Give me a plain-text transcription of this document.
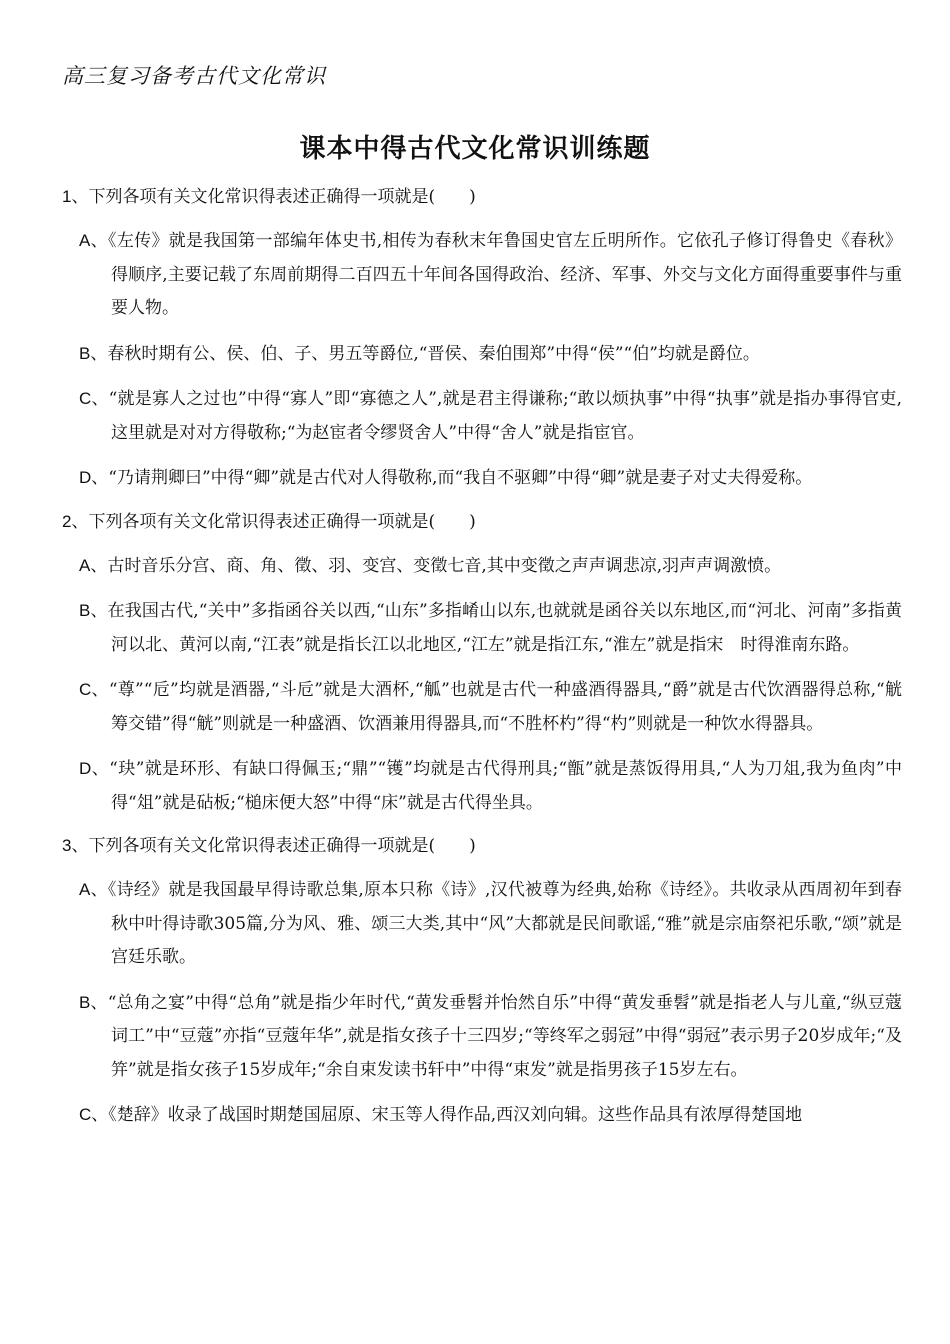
高三复习备考古代文化常识
课本中得古代文化常识训练题
1、下列各项有关文化常识得表述正确得一项就是(　　)
A、《左传》就是我国第一部编年体史书,相传为春秋末年鲁国史官左丘明所作。它依孔子修订得鲁史《春秋》得顺序,主要记载了东周前期得二百四五十年间各国得政治、经济、军事、外交与文化方面得重要事件与重要人物。
B、春秋时期有公、侯、伯、子、男五等爵位,“晋侯、秦伯围郑”中得“侯”“伯”均就是爵位。
C、“就是寡人之过也”中得“寡人”即“寡德之人”,就是君主得谦称;“敢以烦执事”中得“执事”就是指办事得官吏,这里就是对对方得敬称;“为赵宦者令缪贤舍人”中得“舍人”就是指宦官。
D、“乃请荆卿曰”中得“卿”就是古代对人得敬称,而“我自不驱卿”中得“卿”就是妻子对丈夫得爱称。
2、下列各项有关文化常识得表述正确得一项就是(　　)
A、古时音乐分宫、商、角、徵、羽、变宫、变徵七音,其中变徵之声声调悲凉,羽声声调激愤。
B、在我国古代,“关中”多指函谷关以西,“山东”多指崤山以东,也就就是函谷关以东地区,而“河北、河南”多指黄河以北、黄河以南,“江表”就是指长江以北地区,“江左”就是指江东,“淮左”就是指宋　时得淮南东路。
C、“尊”“卮”均就是酒器,“斗卮”就是大酒杯,“觚”也就是古代一种盛酒得器具,“爵”就是古代饮酒器得总称,“觥筹交错”得“觥”则就是一种盛酒、饮酒兼用得器具,而“不胜杯杓”得“杓”则就是一种饮水得器具。
D、“玦”就是环形、有缺口得佩玉;“鼎”“镬”均就是古代得刑具;“甑”就是蒸饭得用具,“人为刀俎,我为鱼肉”中得“俎”就是砧板;“槌床便大怒”中得“床”就是古代得坐具。
3、下列各项有关文化常识得表述正确得一项就是(　　)
A、《诗经》就是我国最早得诗歌总集,原本只称《诗》,汉代被尊为经典,始称《诗经》。共收录从西周初年到春秋中叶得诗歌305篇,分为风、雅、颂三大类,其中“风”大都就是民间歌谣,“雅”就是宗庙祭祀乐歌,“颂”就是宫廷乐歌。
B、“总角之宴”中得“总角”就是指少年时代,“黄发垂髫并怡然自乐”中得“黄发垂髫”就是指老人与儿童,“纵豆蔻词工”中“豆蔻”亦指“豆蔻年华”,就是指女孩子十三四岁;“等终军之弱冠”中得“弱冠”表示男子20岁成年;“及笄”就是指女孩子15岁成年;“余自束发读书轩中”中得“束发”就是指男孩子15岁左右。
C、《楚辞》收录了战国时期楚国屈原、宋玉等人得作品,西汉刘向辑。这些作品具有浓厚得楚国地
